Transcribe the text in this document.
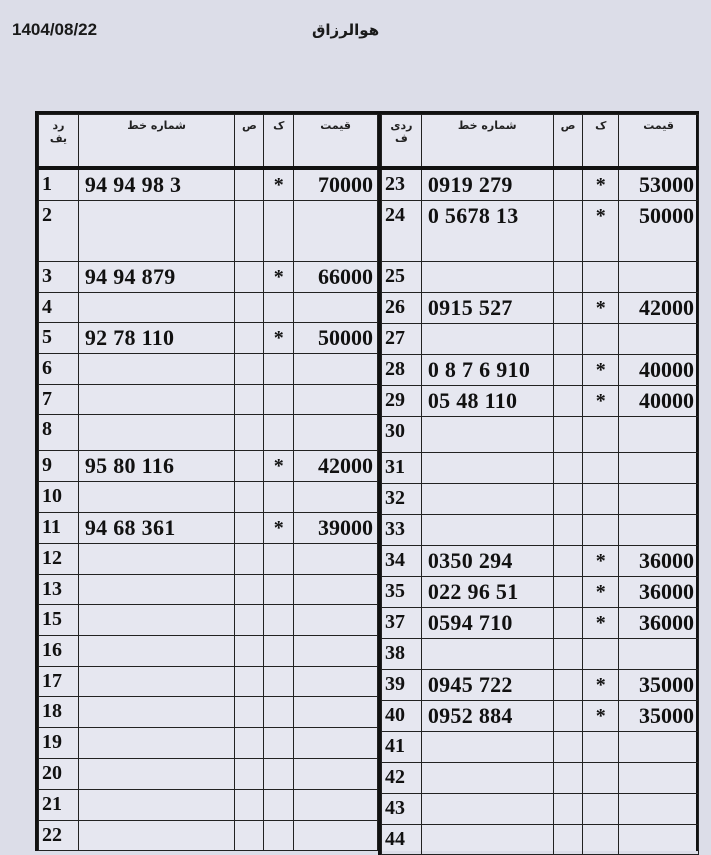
1404/08/22	هوالرزاق
رد
یف	شماره خط	ص	ک	قیمت
1	94 94 98 3		*	70000
2				
3	94 94 879		*	66000
4				
5	92 78 110		*	50000
6				
7				
8				
9	95 80 116		*	42000
10				
11	94 68 361		*	39000
12				
13				
15				
16				
17				
18				
19				
20				
21				
22				
ردی
ف	شماره خط	ص	ک	قیمت
23	0919 279		*	53000
24	0 5678 13		*	50000
25				
26	0915 527		*	42000
27				
28	0 8 7 6 910		*	40000
29	05 48 110		*	40000
30				
31				
32				
33				
34	0350 294		*	36000
35	022 96 51		*	36000
37	0594 710		*	36000
38				
39	0945 722		*	35000
40	0952 884		*	35000
41				
42				
43				
44				
